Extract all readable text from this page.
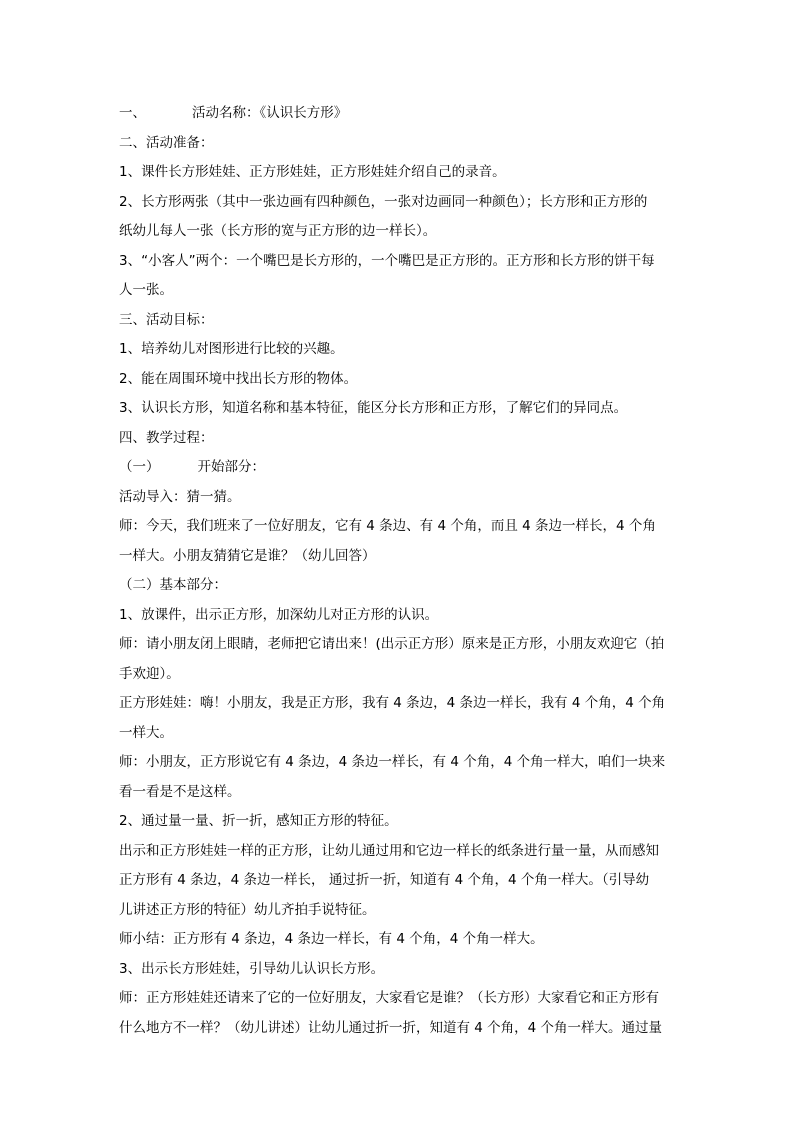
一、	活动名称：《认识长方形》
二、活动准备：
1、课件长方形娃娃、正方形娃娃，正方形娃娃介绍自己的录音。
2、长方形两张（其中一张边画有四种颜色，一张对边画同一种颜色）；长方形和正方形的
纸幼儿每人一张（长方形的宽与正方形的边一样长）。
3、“小客人”两个：一个嘴巴是长方形的，一个嘴巴是正方形的。正方形和长方形的饼干每
人一张。
三、活动目标：
1、培养幼儿对图形进行比较的兴趣。
2、能在周围环境中找出长方形的物体。
3、认识长方形，知道名称和基本特征，能区分长方形和正方形，了解它们的异同点。
四、教学过程：
（一）	开始部分：
活动导入：猜一猜。
师：今天，我们班来了一位好朋友，它有 4 条边、有 4 个角，而且 4 条边一样长，4 个角
一样大。小朋友猜猜它是谁？（幼儿回答）
（二）基本部分：
1、放课件，出示正方形，加深幼儿对正方形的认识。
师：请小朋友闭上眼睛，老师把它请出来！(出示正方形）原来是正方形，小朋友欢迎它（拍
手欢迎）。
正方形娃娃：嗨！小朋友，我是正方形，我有 4 条边，4 条边一样长，我有 4 个角，4 个角
一样大。
师：小朋友，正方形说它有 4 条边，4 条边一样长，有 4 个角，4 个角一样大，咱们一块来
看一看是不是这样。
2、通过量一量、折一折，感知正方形的特征。
出示和正方形娃娃一样的正方形，让幼儿通过用和它边一样长的纸条进行量一量，从而感知
正方形有 4 条边，4 条边一样长， 通过折一折，知道有 4 个角，4 个角一样大。（引导幼
儿讲述正方形的特征）幼儿齐拍手说特征。
师小结：正方形有 4 条边，4 条边一样长，有 4 个角，4 个角一样大。
3、出示长方形娃娃，引导幼儿认识长方形。
师：正方形娃娃还请来了它的一位好朋友，大家看它是谁？（长方形）大家看它和正方形有
什么地方不一样？（幼儿讲述）让幼儿通过折一折，知道有 4 个角，4 个角一样大。通过量
